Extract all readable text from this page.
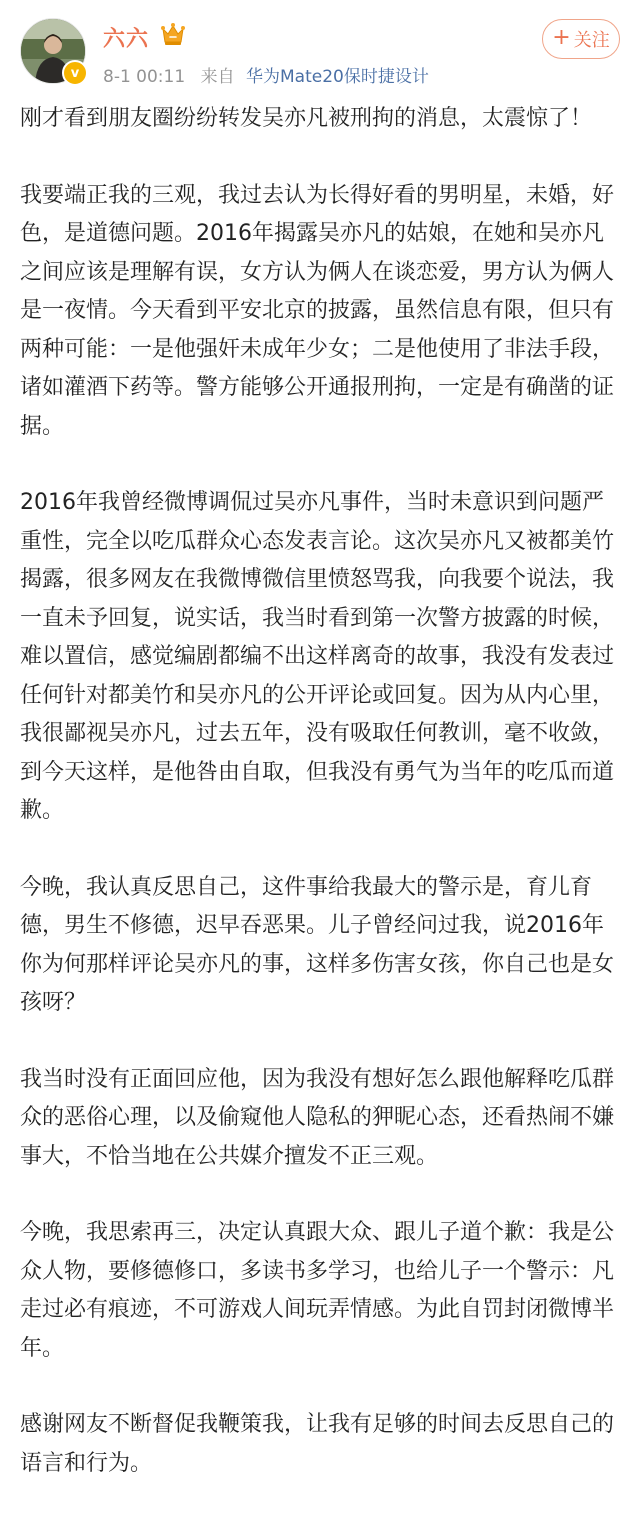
v
六六
8-1 00:11 来自 华为Mate20保时捷设计
+ 关注

刚才看到朋友圈纷纷转发吴亦凡被刑拘的消息，太震惊了！

我要端正我的三观，我过去认为长得好看的男明星，未婚，好色，是道德问题。2016年揭露吴亦凡的姑娘，在她和吴亦凡之间应该是理解有误，女方认为俩人在谈恋爱，男方认为俩人是一夜情。今天看到平安北京的披露，虽然信息有限，但只有两种可能：一是他强奸未成年少女；二是他使用了非法手段，诸如灌酒下药等。警方能够公开通报刑拘，一定是有确凿的证据。

2016年我曾经微博调侃过吴亦凡事件，当时未意识到问题严重性，完全以吃瓜群众心态发表言论。这次吴亦凡又被都美竹揭露，很多网友在我微博微信里愤怒骂我，向我要个说法，我一直未予回复，说实话，我当时看到第一次警方披露的时候，难以置信，感觉编剧都编不出这样离奇的故事，我没有发表过任何针对都美竹和吴亦凡的公开评论或回复。因为从内心里，我很鄙视吴亦凡，过去五年，没有吸取任何教训，毫不收敛，到今天这样，是他咎由自取，但我没有勇气为当年的吃瓜而道歉。

今晚，我认真反思自己，这件事给我最大的警示是，育儿育德，男生不修德，迟早吞恶果。儿子曾经问过我，说2016年你为何那样评论吴亦凡的事，这样多伤害女孩，你自己也是女孩呀？

我当时没有正面回应他，因为我没有想好怎么跟他解释吃瓜群众的恶俗心理，以及偷窥他人隐私的狎昵心态，还看热闹不嫌事大，不恰当地在公共媒介擅发不正三观。

今晚，我思索再三，决定认真跟大众、跟儿子道个歉：我是公众人物，要修德修口，多读书多学习，也给儿子一个警示：凡走过必有痕迹，不可游戏人间玩弄情感。为此自罚封闭微博半年。

感谢网友不断督促我鞭策我，让我有足够的时间去反思自己的语言和行为。
